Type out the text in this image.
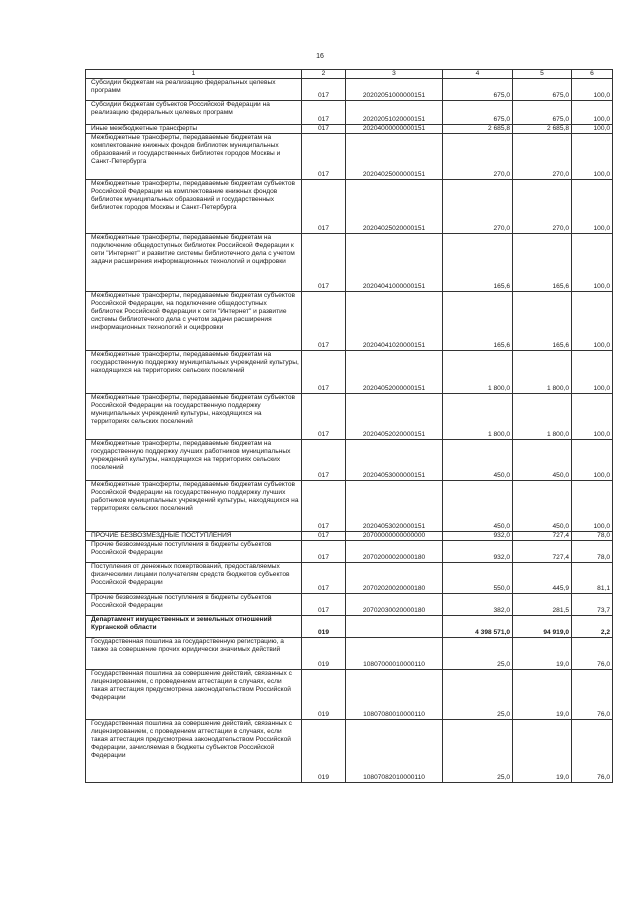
16
1	2	3	4	5	6

Субсидии бюджетам на реализацию федеральных целевых программ	017	20202051000000151	675,0	675,0	100,0

Субсидии бюджетам субъектов Российской Федерации на реализацию федеральных целевых программ	017	20202051020000151	675,0	675,0	100,0

Иные межбюджетные трансферты	017	20204000000000151	2 685,8	2 685,8	100,0

Межбюджетные трансферты, передаваемые бюджетам на комплектование книжных фондов библиотек муниципальных образований и государственных библиотек городов Москвы и Санкт-Петербурга	017	20204025000000151	270,0	270,0	100,0

Межбюджетные трансферты, передаваемые бюджетам субъектов Российской Федерации на комплектование книжных фондов библиотек муниципальных образований и государственных библиотек городов Москвы и Санкт-Петербурга	017	20204025020000151	270,0	270,0	100,0

Межбюджетные трансферты, передаваемые бюджетам на подключение общедоступных библиотек Российской Федерации к сети "Интернет" и развитие системы библиотечного дела с учетом задачи расширения информационных технологий и оцифровки	017	20204041000000151	165,6	165,6	100,0

Межбюджетные трансферты, передаваемые бюджетам субъектов Российской Федерации, на подключение общедоступных библиотек Российской Федерации к сети "Интернет" и развитие системы библиотечного дела с учетом задачи расширения информационных технологий и оцифровки	017	20204041020000151	165,6	165,6	100,0

Межбюджетные трансферты, передаваемые бюджетам на государственную поддержку муниципальных учреждений культуры, находящихся на территориях сельских поселений	017	20204052000000151	1 800,0	1 800,0	100,0

Межбюджетные трансферты, передаваемые бюджетам субъектов Российской Федерации на государственную поддержку муниципальных учреждений культуры, находящихся на территориях сельских поселений	017	20204052020000151	1 800,0	1 800,0	100,0

Межбюджетные трансферты, передаваемые бюджетам на государственную поддержку лучших работников муниципальных учреждений культуры, находящихся на территориях сельских поселений	017	20204053000000151	450,0	450,0	100,0

Межбюджетные трансферты, передаваемые бюджетам субъектов Российской Федерации на государственную поддержку лучших работников муниципальных учреждений культуры, находящихся на территориях сельских поселений	017	20204053020000151	450,0	450,0	100,0

ПРОЧИЕ БЕЗВОЗМЕЗДНЫЕ ПОСТУПЛЕНИЯ	017	20700000000000000	932,0	727,4	78,0

Прочие безвозмездные поступления в бюджеты субъектов Российской Федерации	017	20702000020000180	932,0	727,4	78,0

Поступления от денежных пожертвований, предоставляемых физическими лицами получателям средств бюджетов субъектов Российской Федерации	017	20702020020000180	550,0	445,9	81,1

Прочие безвозмездные поступления в бюджеты субъектов Российской Федерации	017	20702030020000180	382,0	281,5	73,7

Департамент имущественных и земельных отношений Курганской области	019		4 398 571,0	94 919,0	2,2

Государственная пошлина за государственную регистрацию, а также за совершение прочих юридически значимых действий	019	10807000010000110	25,0	19,0	76,0

Государственная пошлина за совершение действий, связанных с лицензированием, с проведением аттестации в случаях, если такая аттестация предусмотрена законодательством Российской Федерации	019	10807080010000110	25,0	19,0	76,0

Государственная пошлина за совершение действий, связанных с лицензированием, с проведением аттестации в случаях, если такая аттестация предусмотрена законодательством Российской Федерации, зачисляемая в бюджеты субъектов Российской Федерации	019	10807082010000110	25,0	19,0	76,0
